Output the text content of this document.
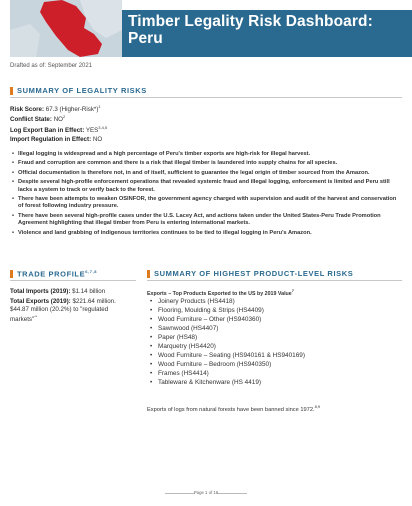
Timber Legality Risk Dashboard:
Peru
Drafted as of: September 2021
SUMMARY OF LEGALITY RISKS
Risk Score: 67.3 (Higher-Risk*)$^1$
Conflict State: NO$^2$
Log Export Ban in Effect: YES$^{3,4,5}$
Import Regulation in Effect: NO
• Illegal logging is widespread and a high percentage of Peru's timber exports are high-risk for illegal harvest.
• Fraud and corruption are common and there is a risk that illegal timber is laundered into supply chains for all species.
• Official documentation is therefore not, in and of itself, sufficient to guarantee the legal origin of timber sourced from the Amazon.
• Despite several high-profile enforcement operations that revealed systemic fraud and illegal logging, enforcement is limited and Peru still lacks a system to track or verify back to the forest.
• There have been attempts to weaken OSINFOR, the government agency charged with supervision and audit of the harvest and conservation of forest following industry pressure.
• There have been several high-profile cases under the U.S. Lacey Act, and actions taken under the United States-Peru Trade Promotion Agreement highlighting that illegal timber from Peru is entering international markets.
• Violence and land grabbing of indigenous territories continues to be tied to illegal logging in Peru's Amazon.
TRADE PROFILE$^{6,7,8}$
Total Imports (2019): $1.14 billion
Total Exports (2019): $221.64 million. $44.87 million (20.2%) to "regulated markets"**
SUMMARY OF HIGHEST PRODUCT-LEVEL RISKS
Exports – Top Products Exported to the US by 2019 Value$^7$
• Joinery Products (HS4418)
• Flooring, Moulding & Strips (HS4409)
• Wood Furniture – Other (HS940360)
• Sawnwood (HS4407)
• Paper (HS48)
• Marquetry (HS4420)
• Wood Furniture – Seating (HS940161 & HS940169)
• Wood Furniture – Bedroom (HS940350)
• Frames (HS4414)
• Tableware & Kitchenware (HS 4419)
Exports of logs from natural forests have been banned since 1972.$^{8,9}$
Page 1 of 16
